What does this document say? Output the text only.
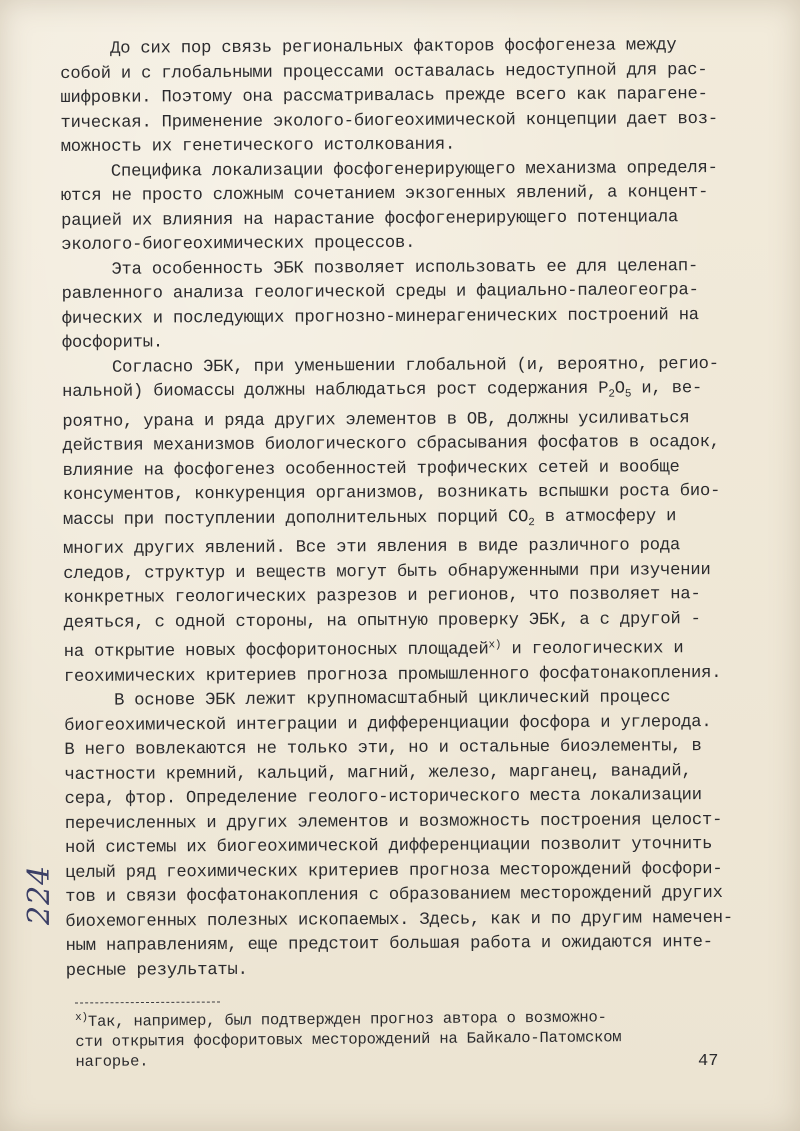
До сих пор связь региональных факторов фосфогенеза между
собой и с глобальными процессами оставалась недоступной для рас-
шифровки. Поэтому она рассматривалась прежде всего как парагене-
тическая. Применение эколого-биогеохимической концепции дает воз-
можность их генетического истолкования.
Специфика локализации фосфогенерирующего механизма определя-
ются не просто сложным сочетанием экзогенных явлений, а концент-
рацией их влияния на нарастание фосфогенерирующего потенциала
эколого-биогеохимических процессов.
Эта особенность ЭБК позволяет использовать ее для целенап-
равленного анализа геологической среды и фациально-палеогеогра-
фических и последующих прогнозно-минерагенических построений на
фосфориты.
Согласно ЭБК, при уменьшении глобальной (и, вероятно, регио-
нальной) биомассы должны наблюдаться рост содержания $P_2O_5$ и, ве-
роятно, урана и ряда других элементов в ОВ, должны усиливаться
действия механизмов биологического сбрасывания фосфатов в осадок,
влияние на фосфогенез особенностей трофических сетей и вообще
консументов, конкуренция организмов, возникать вспышки роста био-
массы при поступлении дополнительных порций $CO_2$ в атмосферу и
многих других явлений. Все эти явления в виде различного рода
следов, структур и веществ могут быть обнаруженными при изучении
конкретных геологических разрезов и регионов, что позволяет на-
деяться, с одной стороны, на опытную проверку ЭБК, а с другой -
на открытие новых фосфоритоносных площадей$^{x)}$ и геологических и
геохимических критериев прогноза промышленного фосфатонакопления.
В основе ЭБК лежит крупномасштабный циклический процесс
биогеохимической интеграции и дифференциации фосфора и углерода.
В него вовлекаются не только эти, но и остальные биоэлементы, в
частности кремний, кальций, магний, железо, марганец, ванадий,
сера, фтор. Определение геолого-исторического места локализации
перечисленных и других элементов и возможность построения целост-
ной системы их биогеохимической дифференциации позволит уточнить
целый ряд геохимических критериев прогноза месторождений фосфори-
тов и связи фосфатонакопления с образованием месторождений других
биохемогенных полезных ископаемых. Здесь, как и по другим намечен-
ным направлениям, еще предстоит большая работа и ожидаются инте-
ресные результаты.
$^{x)}$Так, например, был подтвержден прогноз автора о возможно-
сти открытия фосфоритовых месторождений на Байкало-Патомском
нагорье.	47
224
